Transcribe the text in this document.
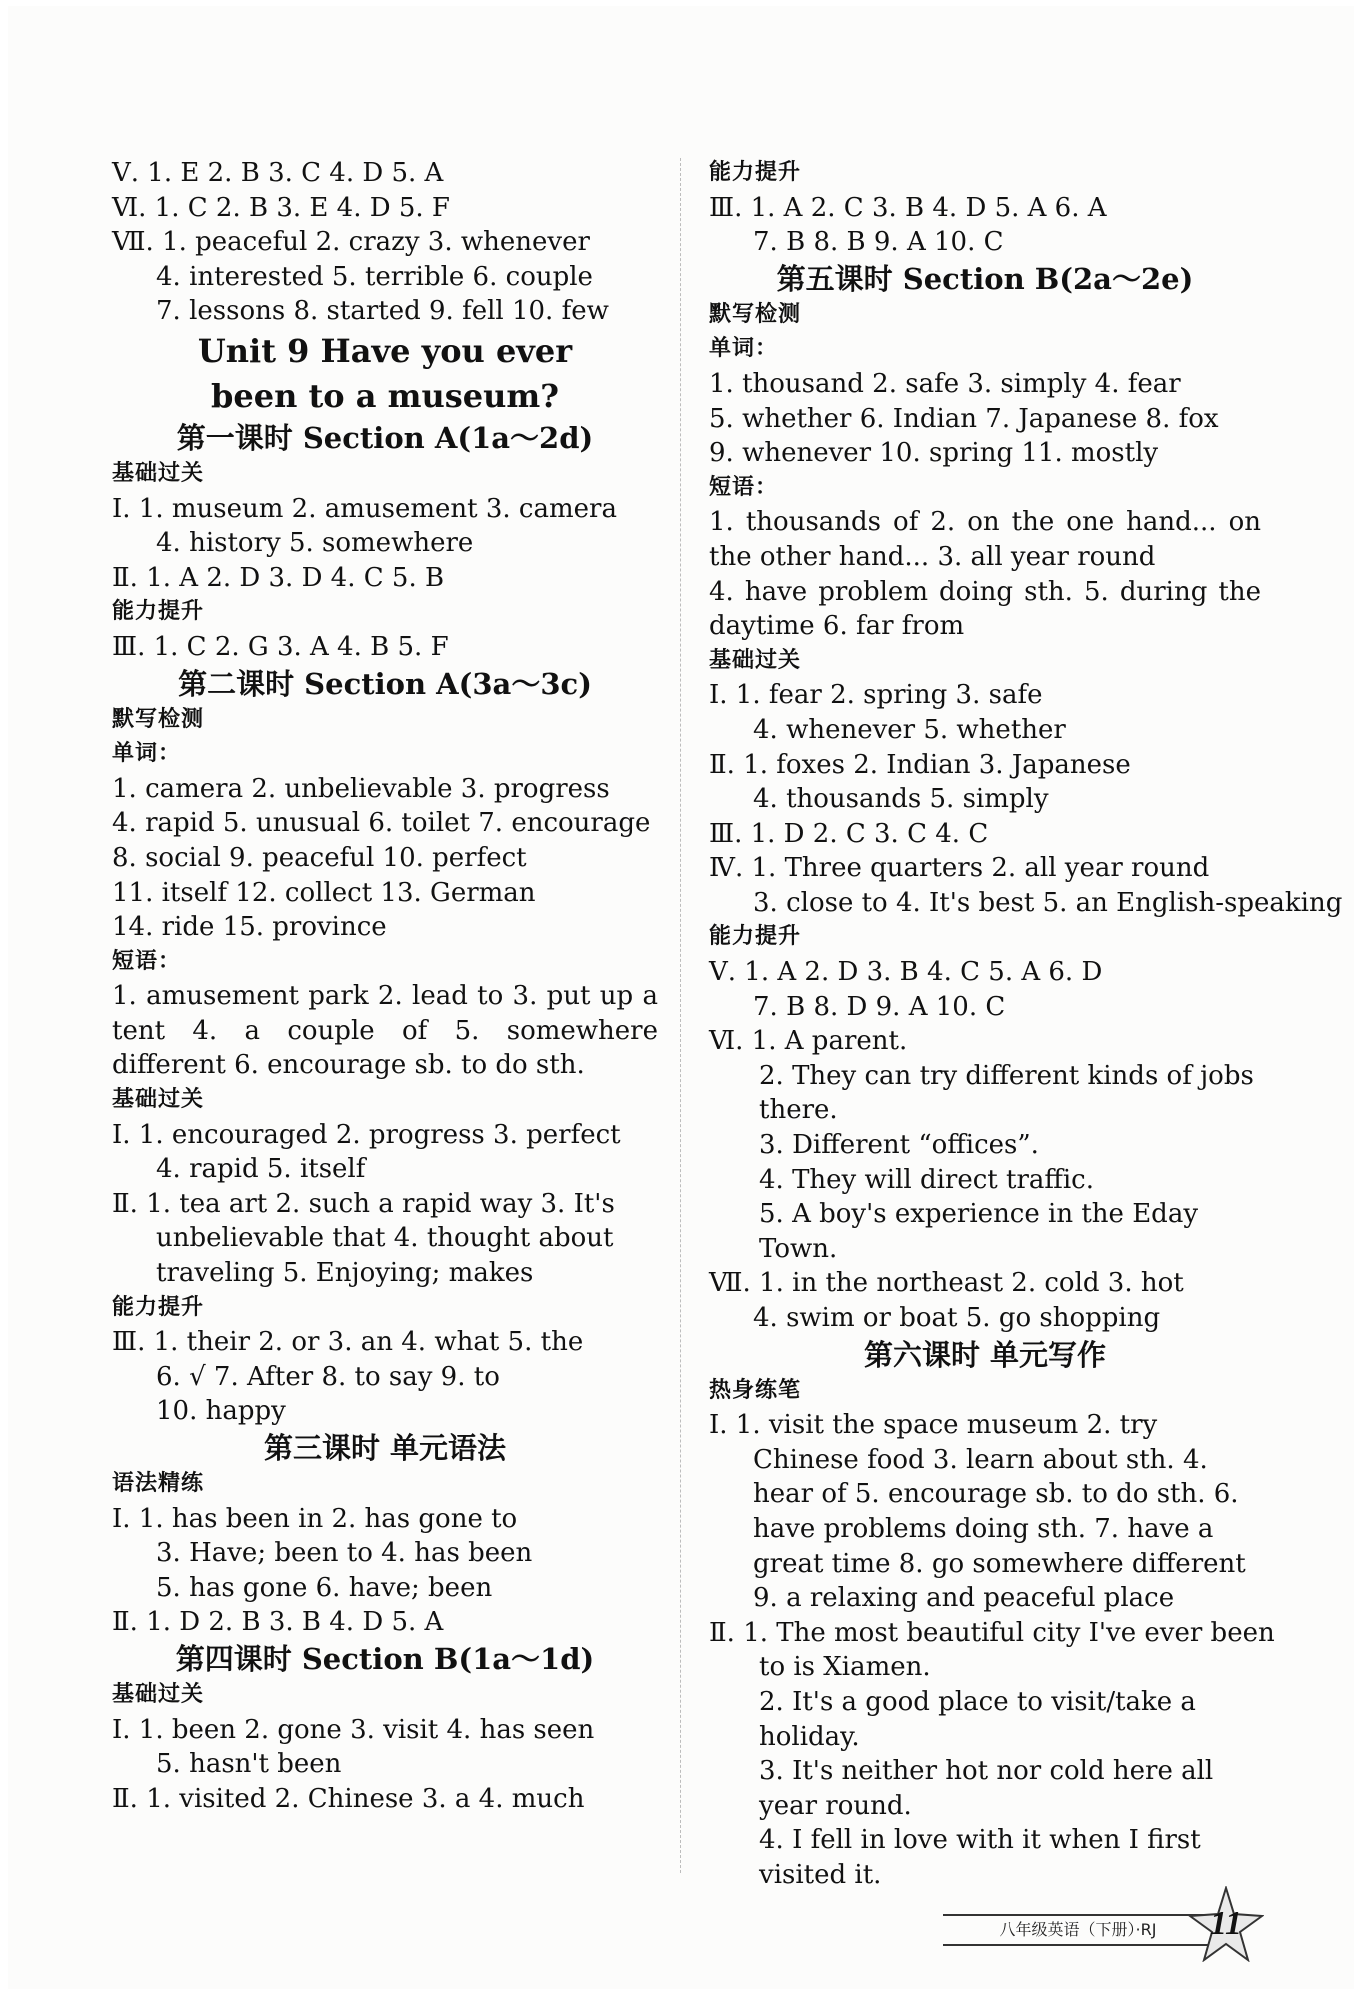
Ⅴ. 1. E 2. B 3. C 4. D 5. A
Ⅵ. 1. C 2. B 3. E 4. D 5. F
Ⅶ. 1. peaceful 2. crazy 3. whenever
4. interested 5. terrible 6. couple
7. lessons 8. started 9. fell 10. few
Unit 9 Have you ever
been to a museum?
第一课时 Section A(1a～2d)
基础过关
Ⅰ. 1. museum 2. amusement 3. camera
4. history 5. somewhere
Ⅱ. 1. A 2. D 3. D 4. C 5. B
能力提升
Ⅲ. 1. C 2. G 3. A 4. B 5. F
第二课时 Section A(3a～3c)
默写检测
单词：
1. camera 2. unbelievable 3. progress
4. rapid 5. unusual 6. toilet 7. encourage
8. social 9. peaceful 10. perfect
11. itself 12. collect 13. German
14. ride 15. province
短语：
1. amusement park 2. lead to 3. put up a tent 4. a couple of 5. somewhere different 6. encourage sb. to do sth.
基础过关
Ⅰ. 1. encouraged 2. progress 3. perfect
4. rapid 5. itself
Ⅱ. 1. tea art 2. such a rapid way 3. It's unbelievable that 4. thought about traveling 5. Enjoying; makes
能力提升
Ⅲ. 1. their 2. or 3. an 4. what 5. the
6. √ 7. After 8. to say 9. to
10. happy
第三课时 单元语法
语法精练
Ⅰ. 1. has been in 2. has gone to
3. Have; been to 4. has been
5. has gone 6. have; been
Ⅱ. 1. D 2. B 3. B 4. D 5. A
第四课时 Section B(1a～1d)
基础过关
Ⅰ. 1. been 2. gone 3. visit 4. has seen
5. hasn't been
Ⅱ. 1. visited 2. Chinese 3. a 4. much
能力提升
Ⅲ. 1. A 2. C 3. B 4. D 5. A 6. A
7. B 8. B 9. A 10. C
第五课时 Section B(2a～2e)
默写检测
单词：
1. thousand 2. safe 3. simply 4. fear
5. whether 6. Indian 7. Japanese 8. fox
9. whenever 10. spring 11. mostly
短语：
1. thousands of 2. on the one hand... on the other hand... 3. all year round
4. have problem doing sth. 5. during the daytime 6. far from
基础过关
Ⅰ. 1. fear 2. spring 3. safe
4. whenever 5. whether
Ⅱ. 1. foxes 2. Indian 3. Japanese
4. thousands 5. simply
Ⅲ. 1. D 2. C 3. C 4. C
Ⅳ. 1. Three quarters 2. all year round
3. close to 4. It's best 5. an English-speaking
能力提升
Ⅴ. 1. A 2. D 3. B 4. C 5. A 6. D
7. B 8. D 9. A 10. C
Ⅵ. 1. A parent.
2. They can try different kinds of jobs there.
3. Different “offices”.
4. They will direct traffic.
5. A boy's experience in the Eday Town.
Ⅶ. 1. in the northeast 2. cold 3. hot
4. swim or boat 5. go shopping
第六课时 单元写作
热身练笔
Ⅰ. 1. visit the space museum 2. try Chinese food 3. learn about sth. 4. hear of 5. encourage sb. to do sth. 6. have problems doing sth. 7. have a great time 8. go somewhere different 9. a relaxing and peaceful place
Ⅱ. 1. The most beautiful city I've ever been
to is Xiamen.
2. It's a good place to visit/take a holiday.
3. It's neither hot nor cold here all year round.
4. I fell in love with it when I first visited it.
八年级英语（下册）·RJ	11
